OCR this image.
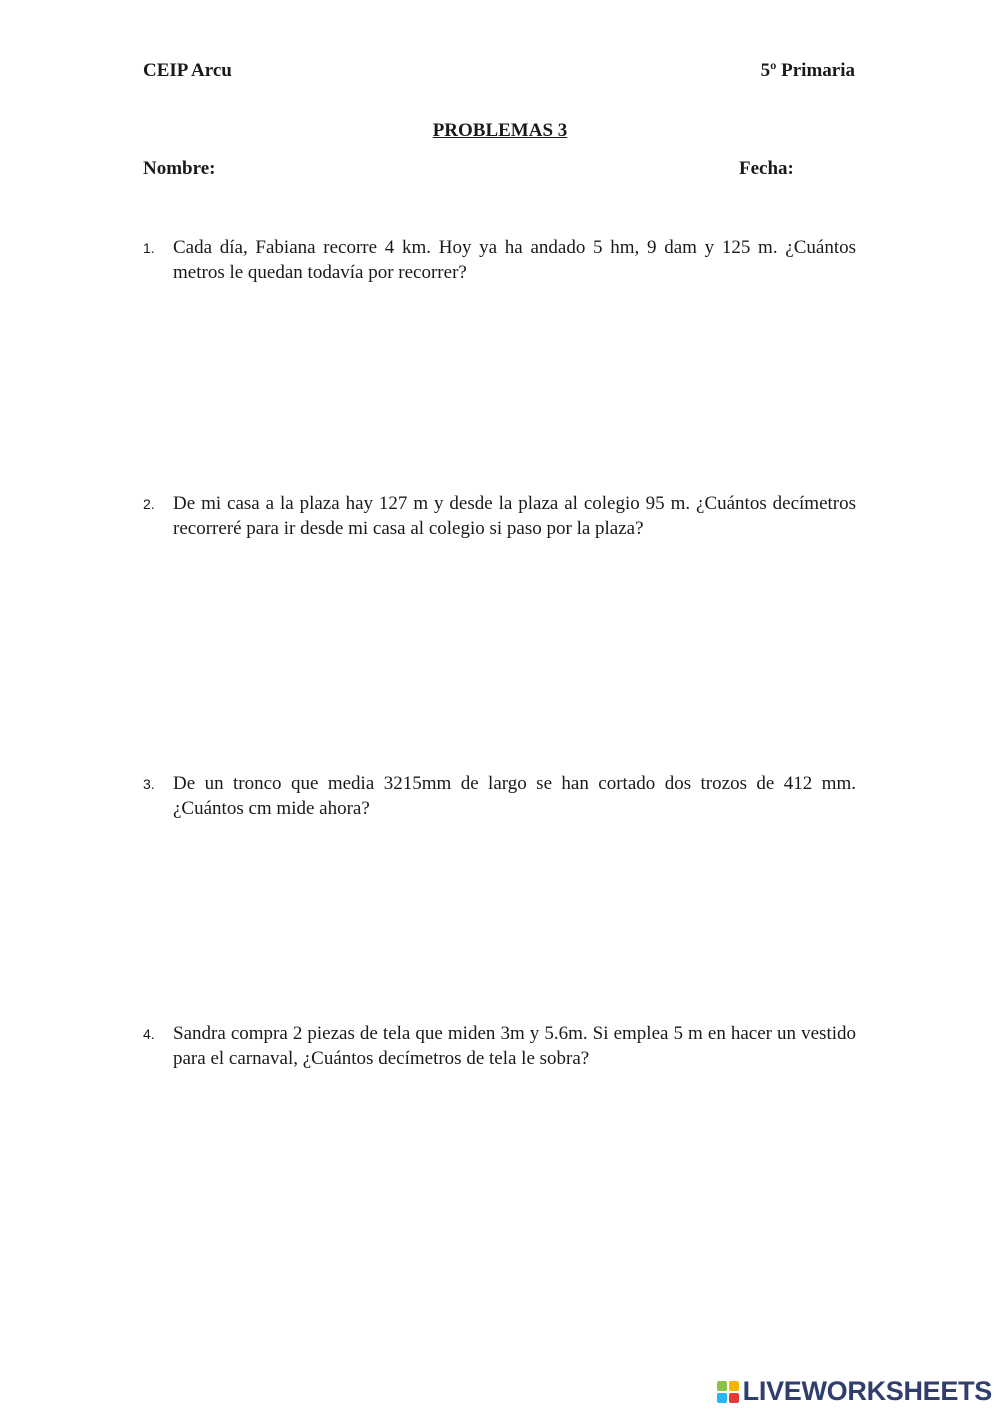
CEIP Arcu	5º Primaria
PROBLEMAS 3
Nombre:	Fecha:
1. Cada día, Fabiana recorre 4 km. Hoy ya ha andado 5 hm, 9 dam y 125 m. ¿Cuántos metros le quedan todavía por recorrer?
2. De mi casa a la plaza hay 127 m y desde la plaza al colegio 95 m. ¿Cuántos decímetros recorreré para ir desde mi casa al colegio si paso por la plaza?
3. De un tronco que media 3215mm de largo se han cortado dos trozos de 412 mm. ¿Cuántos cm mide ahora?
4. Sandra compra 2 piezas de tela que miden 3m y 5.6m. Si emplea 5 m en hacer un vestido para el carnaval, ¿Cuántos decímetros de tela le sobra?
LIVEWORKSHEETS
